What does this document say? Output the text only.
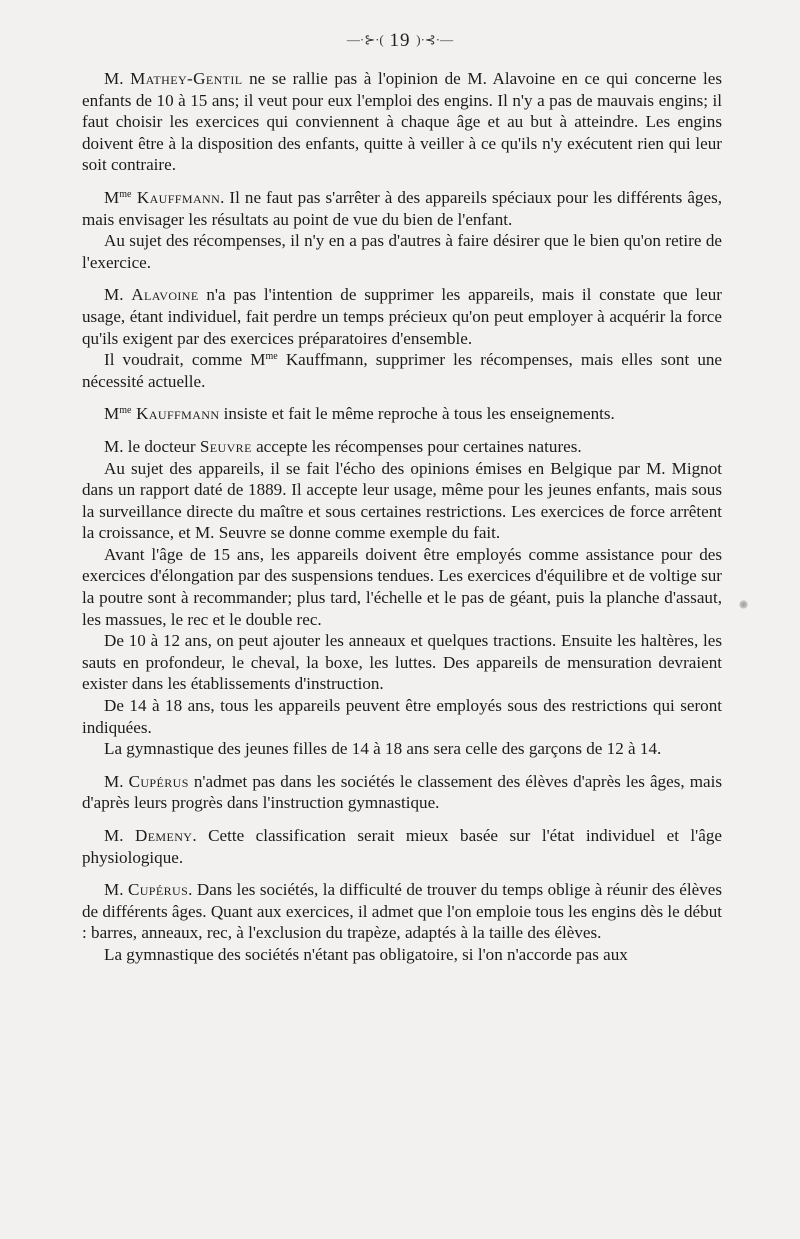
—·⊱·( 19 )·⊰·—

M. Mathey-Gentil ne se rallie pas à l'opinion de M. Alavoine en ce qui concerne les enfants de 10 à 15 ans; il veut pour eux l'emploi des engins. Il n'y a pas de mauvais engins; il faut choisir les exercices qui conviennent à chaque âge et au but à atteindre. Les engins doivent être à la disposition des enfants, quitte à veiller à ce qu'ils n'y exécutent rien qui leur soit contraire.

$M^{me}$ Kauffmann. Il ne faut pas s'arrêter à des appareils spéciaux pour les différents âges, mais envisager les résultats au point de vue du bien de l'enfant.

Au sujet des récompenses, il n'y en a pas d'autres à faire désirer que le bien qu'on retire de l'exercice.

M. Alavoine n'a pas l'intention de supprimer les appareils, mais il constate que leur usage, étant individuel, fait perdre un temps précieux qu'on peut employer à acquérir la force qu'ils exigent par des exercices préparatoires d'ensemble.

Il voudrait, comme $M^{me}$ Kauffmann, supprimer les récompenses, mais elles sont une nécessité actuelle.

$M^{me}$ Kauffmann insiste et fait le même reproche à tous les enseignements.

M. le docteur Seuvre accepte les récompenses pour certaines natures.

Au sujet des appareils, il se fait l'écho des opinions émises en Belgique par M. Mignot dans un rapport daté de 1889. Il accepte leur usage, même pour les jeunes enfants, mais sous la surveillance directe du maître et sous certaines restrictions. Les exercices de force arrêtent la croissance, et M. Seuvre se donne comme exemple du fait.

Avant l'âge de 15 ans, les appareils doivent être employés comme assistance pour des exercices d'élongation par des suspensions tendues. Les exercices d'équilibre et de voltige sur la poutre sont à recommander; plus tard, l'échelle et le pas de géant, puis la planche d'assaut, les massues, le rec et le double rec.

De 10 à 12 ans, on peut ajouter les anneaux et quelques tractions. Ensuite les haltères, les sauts en profondeur, le cheval, la boxe, les luttes. Des appareils de mensuration devraient exister dans les établissements d'instruction.

De 14 à 18 ans, tous les appareils peuvent être employés sous des restrictions qui seront indiquées.

La gymnastique des jeunes filles de 14 à 18 ans sera celle des garçons de 12 à 14.

M. Cupérus n'admet pas dans les sociétés le classement des élèves d'après les âges, mais d'après leurs progrès dans l'instruction gymnastique.

M. Demeny. Cette classification serait mieux basée sur l'état individuel et l'âge physiologique.

M. Cupérus. Dans les sociétés, la difficulté de trouver du temps oblige à réunir des élèves de différents âges. Quant aux exercices, il admet que l'on emploie tous les engins dès le début : barres, anneaux, rec, à l'exclusion du trapèze, adaptés à la taille des élèves.

La gymnastique des sociétés n'étant pas obligatoire, si l'on n'accorde pas aux
